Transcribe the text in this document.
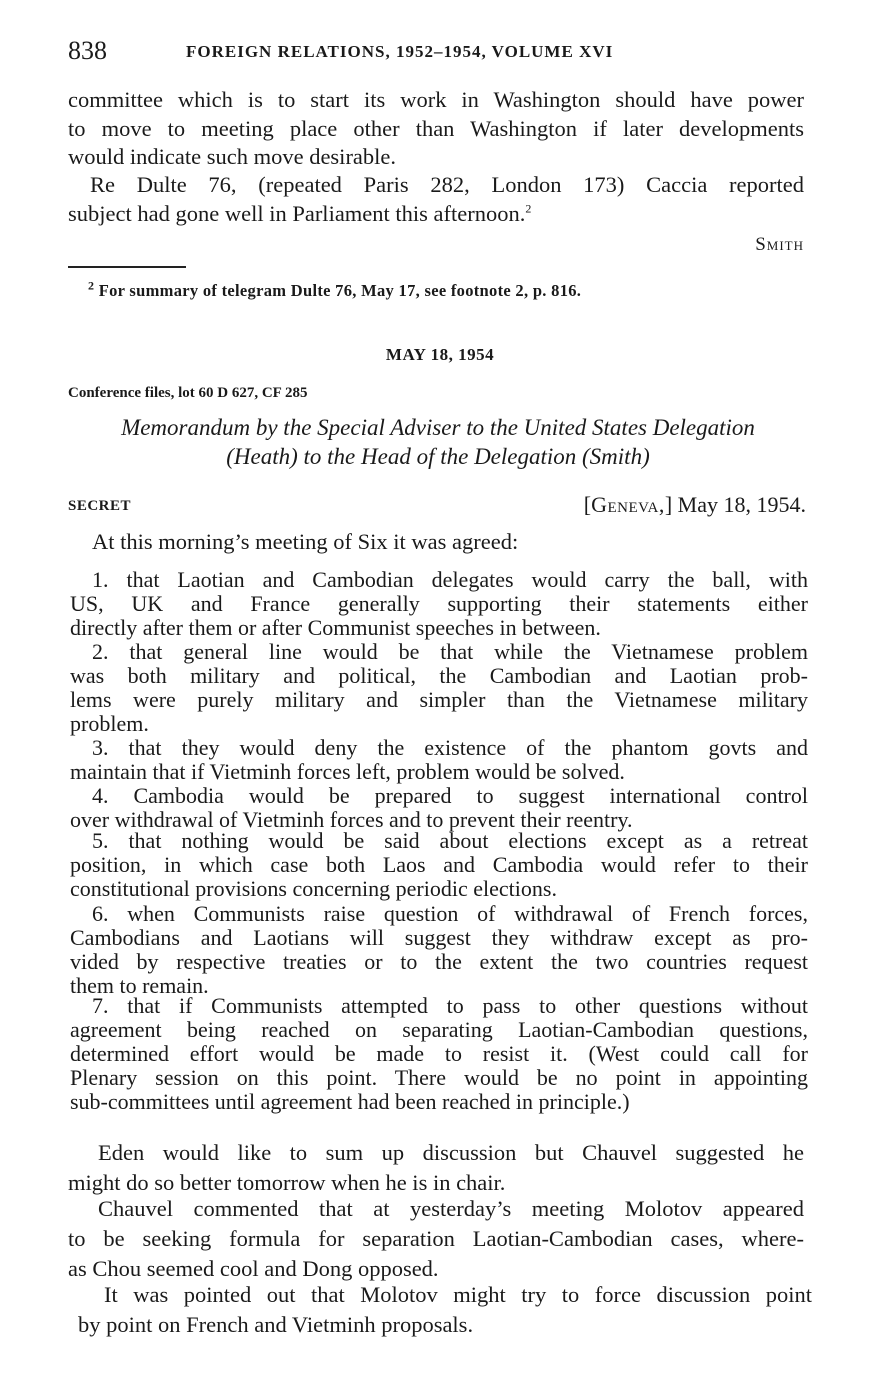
838	FOREIGN RELATIONS, 1952–1954, VOLUME XVI

committee which is to start its work in Washington should have power
to move to meeting place other than Washington if later developments
would indicate such move desirable.

Re Dulte 76, (repeated Paris 282, London 173) Caccia reported
subject had gone well in Parliament this afternoon.$^2$

Smith
$^2$ For summary of telegram Dulte 76, May 17, see footnote 2, p. 816.
MAY 18, 1954
Conference files, lot 60 D 627, CF 285
Memorandum by the Special Adviser to the United States Delegation
(Heath) to the Head of the Delegation (Smith)
SECRET	[Geneva,] May 18, 1954.

At this morning’s meeting of Six it was agreed:

1. that Laotian and Cambodian delegates would carry the ball, with
US, UK and France generally supporting their statements either
directly after them or after Communist speeches in between.
2. that general line would be that while the Vietnamese problem
was both military and political, the Cambodian and Laotian prob-
lems were purely military and simpler than the Vietnamese military
problem.
3. that they would deny the existence of the phantom govts and
maintain that if Vietminh forces left, problem would be solved.
4. Cambodia would be prepared to suggest international control
over withdrawal of Vietminh forces and to prevent their reentry.
5. that nothing would be said about elections except as a retreat
position, in which case both Laos and Cambodia would refer to their
constitutional provisions concerning periodic elections.
6. when Communists raise question of withdrawal of French forces,
Cambodians and Laotians will suggest they withdraw except as pro-
vided by respective treaties or to the extent the two countries request
them to remain.
7. that if Communists attempted to pass to other questions without
agreement being reached on separating Laotian-Cambodian questions,
determined effort would be made to resist it. (West could call for
Plenary session on this point. There would be no point in appointing
sub-committees until agreement had been reached in principle.)

Eden would like to sum up discussion but Chauvel suggested he
might do so better tomorrow when he is in chair.

Chauvel commented that at yesterday’s meeting Molotov appeared
to be seeking formula for separation Laotian-Cambodian cases, where-
as Chou seemed cool and Dong opposed.

It was pointed out that Molotov might try to force discussion point
by point on French and Vietminh proposals.
